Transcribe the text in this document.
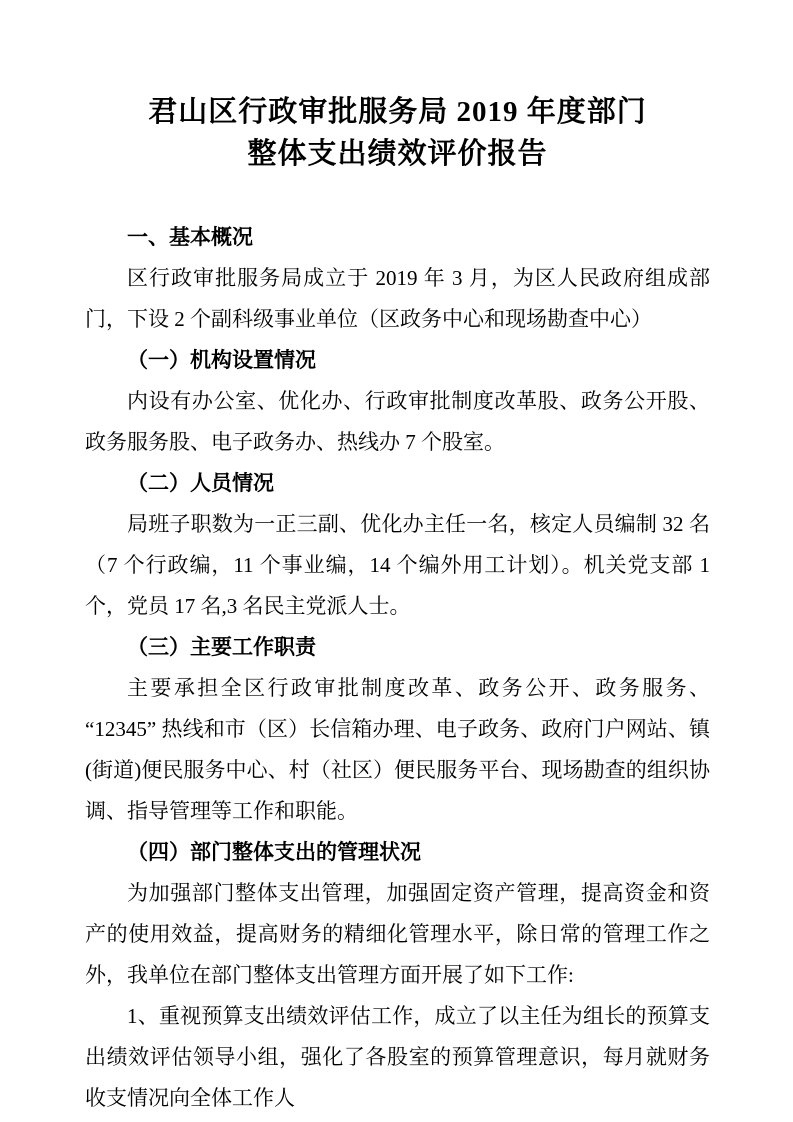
君山区行政审批服务局 2019 年度部门
整体支出绩效评价报告

一、基本概况

区行政审批服务局成立于 2019 年 3 月，为区人民政府组成部门，下设 2 个副科级事业单位（区政务中心和现场勘查中心）

（一）机构设置情况

内设有办公室、优化办、行政审批制度改革股、政务公开股、政务服务股、电子政务办、热线办 7 个股室。

（二）人员情况

局班子职数为一正三副、优化办主任一名，核定人员编制 32 名（7 个行政编，11 个事业编，14 个编外用工计划）。机关党支部 1 个，党员 17 名,3 名民主党派人士。

（三）主要工作职责

主要承担全区行政审批制度改革、政务公开、政务服务、“12345” 热线和市（区）长信箱办理、电子政务、政府门户网站、镇(街道)便民服务中心、村（社区）便民服务平台、现场勘查的组织协调、指导管理等工作和职能。

（四）部门整体支出的管理状况

为加强部门整体支出管理，加强固定资产管理，提高资金和资产的使用效益，提高财务的精细化管理水平，除日常的管理工作之外，我单位在部门整体支出管理方面开展了如下工作:

1、重视预算支出绩效评估工作，成立了以主任为组长的预算支出绩效评估领导小组，强化了各股室的预算管理意识，每月就财务收支情况向全体工作人
